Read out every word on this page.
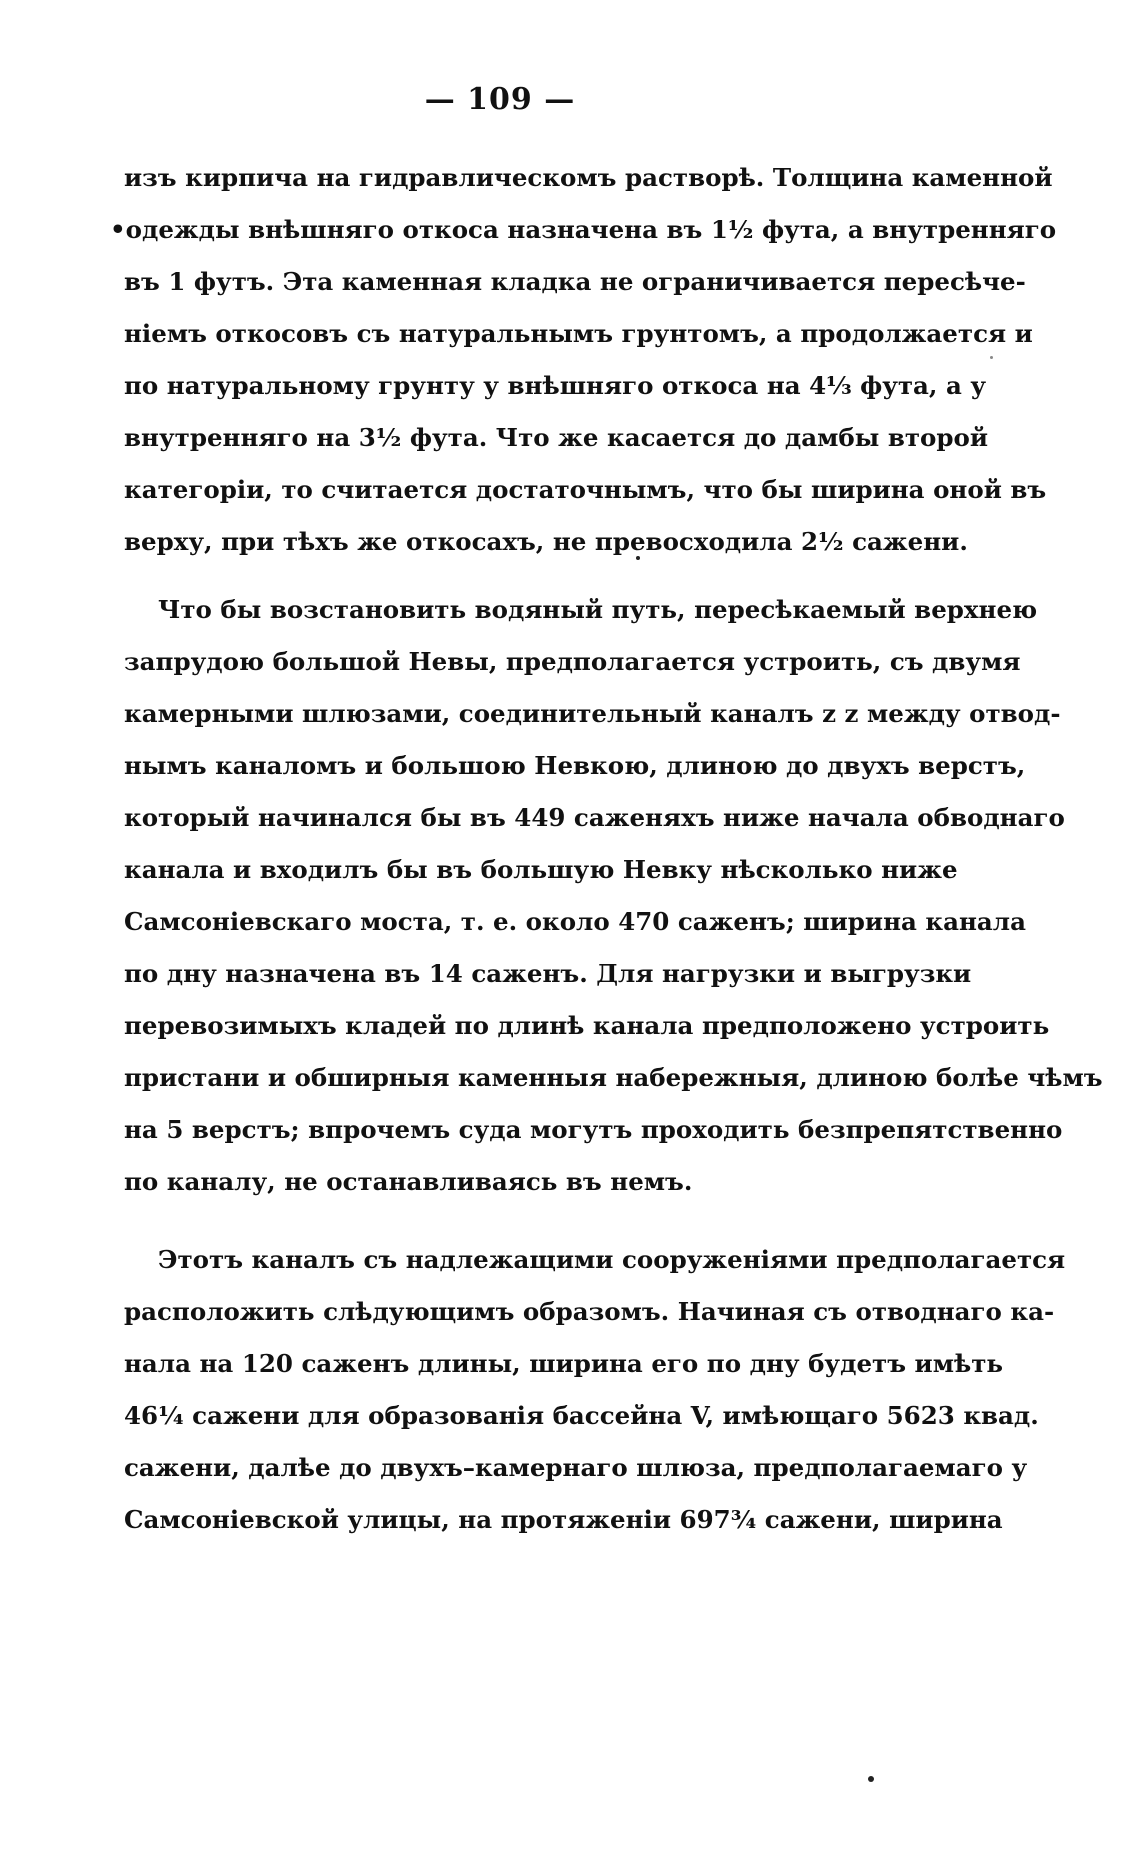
— 109 —
изъ кирпича на гидравлическомъ растворѣ. Толщина каменной
•одежды внѣшняго откоса назначена въ 1½ фута, а внутренняго
въ 1 футъ. Эта каменная кладка не ограничивается пересѣче-
ніемъ откосовъ съ натуральнымъ грунтомъ, а продолжается и
по натуральному грунту у внѣшняго откоса на 4⅓ фута, а у
внутренняго на 3½ фута. Что же касается до дамбы второй
категоріи, то считается достаточнымъ, что бы ширина оной въ
верху, при тѣхъ же откосахъ, не превосходила 2½ сажени.
Что бы возстановить водяный путь, пересѣкаемый верхнею
запрудою большой Невы, предполагается устроить, съ двумя
камерными шлюзами, соединительный каналъ z z между отвод-
нымъ каналомъ и большою Невкою, длиною до двухъ верстъ,
который начинался бы въ 449 саженяхъ ниже начала обводнаго
канала и входилъ бы въ большую Невку нѣсколько ниже
Самсоніевскаго моста, т. е. около 470 саженъ; ширина канала
по дну назначена въ 14 саженъ. Для нагрузки и выгрузки
перевозимыхъ кладей по длинѣ канала предположено устроить
пристани и обширныя каменныя набережныя, длиною болѣе чѣмъ
на 5 верстъ; впрочемъ суда могутъ проходить безпрепятственно
по каналу, не останавливаясь въ немъ.
Этотъ каналъ съ надлежащими сооруженіями предполагается
расположить слѣдующимъ образомъ. Начиная съ отводнаго ка-
нала на 120 саженъ длины, ширина его по дну будетъ имѣть
46¼ сажени для образованія бассейна V, имѣющаго 5623 квад.
сажени, далѣе до двухъ–камернаго шлюза, предполагаемаго у
Самсоніевской улицы, на протяженіи 697¾ сажени, ширина
